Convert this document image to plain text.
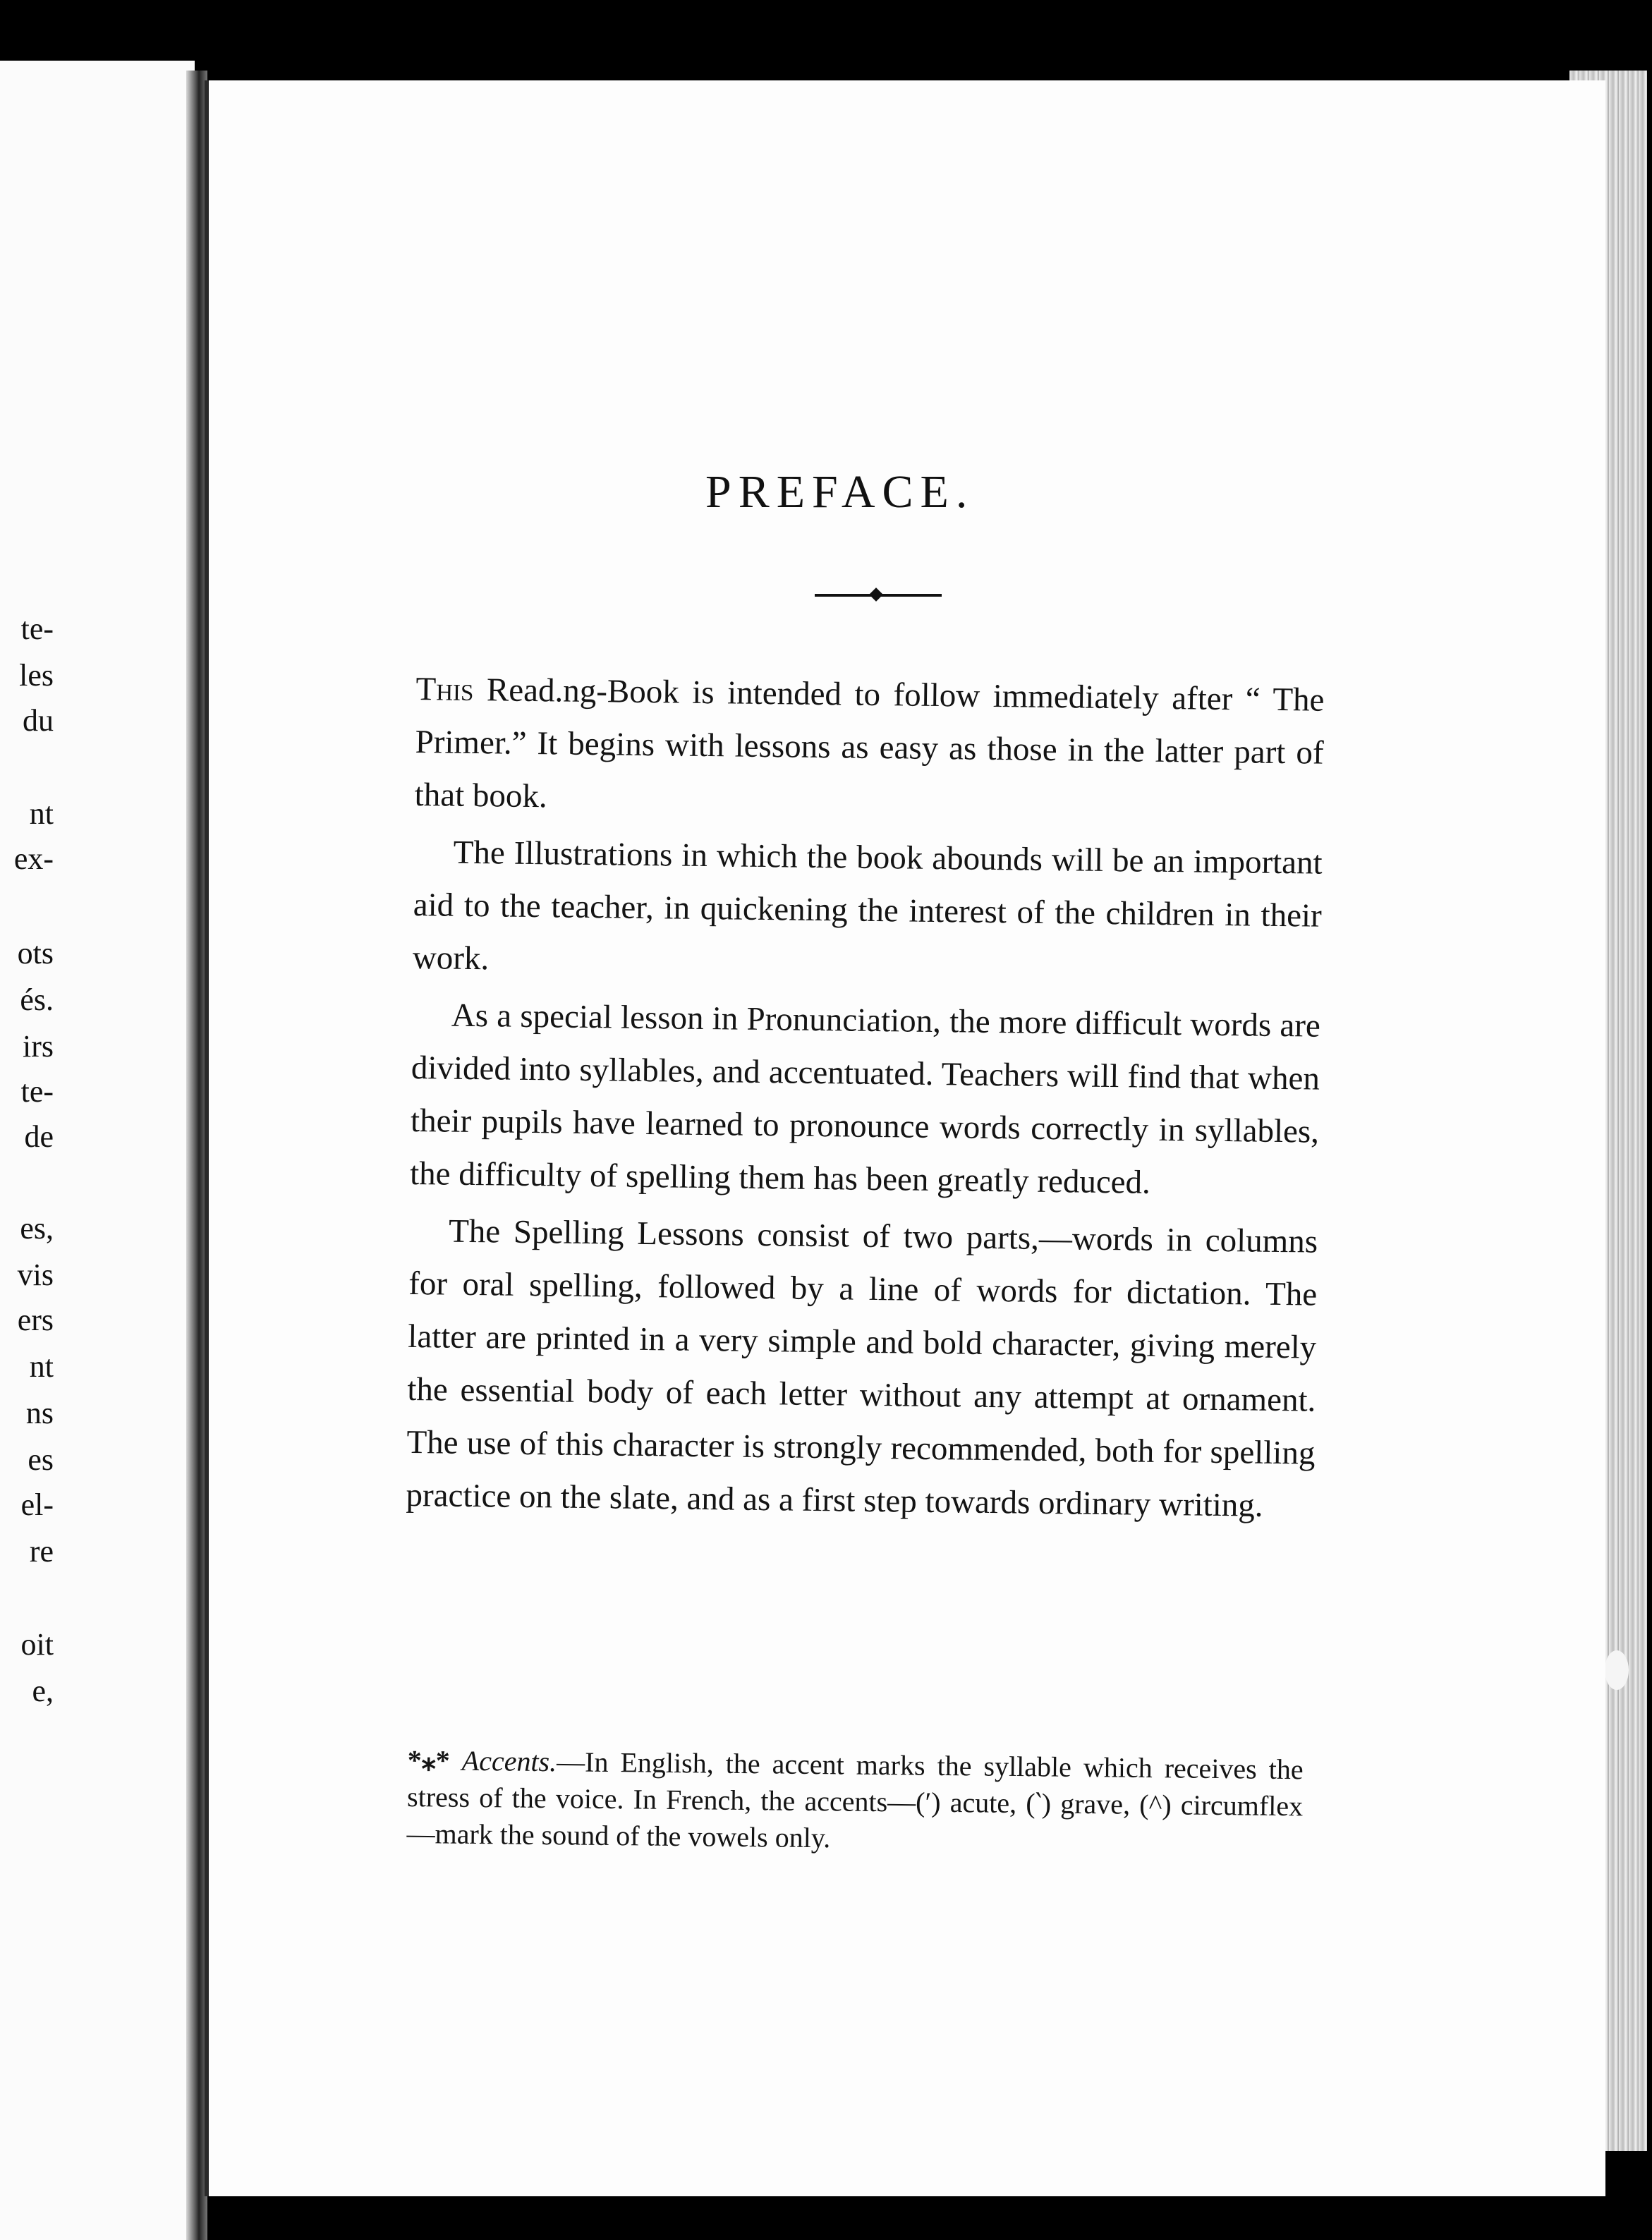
te-
les
du
nt
ex-
ots
és.
irs
te-
de
es,
vis
ers
nt
ns
es
el-
re
oit
e,
PREFACE.

This Read.ng-Book is intended to follow immediately after “ The Primer.” It begins with lessons as easy as those in the latter part of that book.

The Illustrations in which the book abounds will be an important aid to the teacher, in quickening the interest of the children in their work.

As a special lesson in Pronunciation, the more difficult words are divided into syllables, and accentuated. Teachers will find that when their pupils have learned to pronounce words correctly in syllables, the difficulty of spelling them has been greatly reduced.

The Spelling Lessons consist of two parts,—words in columns for oral spelling, followed by a line of words for dictation. The latter are printed in a very simple and bold character, giving merely the essential body of each letter without any attempt at ornament. The use of this character is strongly recommended, both for spelling practice on the slate, and as a first step towards ordinary writing.

*⁎* Accents.—In English, the accent marks the syllable which receives the stress of the voice. In French, the accents—(′) acute, (‵) grave, (^) circumflex—mark the sound of the vowels only.
